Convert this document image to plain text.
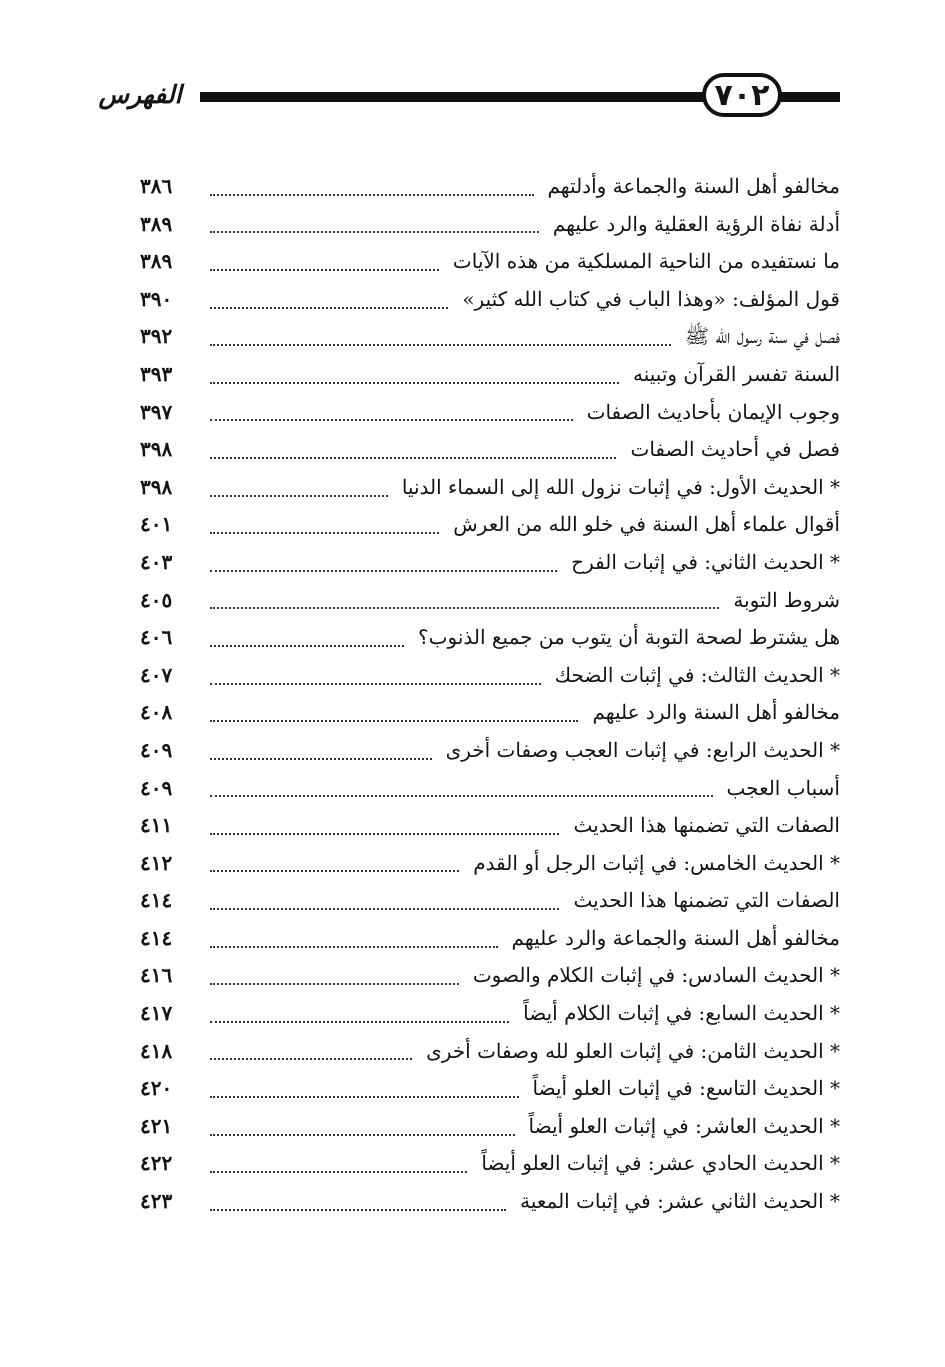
٧٠٢
الفهرس
مخالفو أهل السنة والجماعة وأدلتهم
٣٨٦
أدلة نفاة الرؤية العقلية والرد عليهم
٣٨٩
ما نستفيده من الناحية المسلكية من هذه الآيات
٣٨٩
قول المؤلف: «وهذا الباب في كتاب الله كثير»
٣٩٠
فصل في سنة رسول الله ﷺ
٣٩٢
السنة تفسر القرآن وتبينه
٣٩٣
وجوب الإيمان بأحاديث الصفات
٣٩٧
فصل في أحاديث الصفات
٣٩٨
* الحديث الأول: في إثبات نزول الله إلى السماء الدنيا
٣٩٨
أقوال علماء أهل السنة في خلو الله من العرش
٤٠١
* الحديث الثاني: في إثبات الفرح
٤٠٣
شروط التوبة
٤٠٥
هل يشترط لصحة التوبة أن يتوب من جميع الذنوب؟
٤٠٦
* الحديث الثالث: في إثبات الضحك
٤٠٧
مخالفو أهل السنة والرد عليهم
٤٠٨
* الحديث الرابع: في إثبات العجب وصفات أخرى
٤٠٩
أسباب العجب
٤٠٩
الصفات التي تضمنها هذا الحديث
٤١١
* الحديث الخامس: في إثبات الرجل أو القدم
٤١٢
الصفات التي تضمنها هذا الحديث
٤١٤
مخالفو أهل السنة والجماعة والرد عليهم
٤١٤
* الحديث السادس: في إثبات الكلام والصوت
٤١٦
* الحديث السابع: في إثبات الكلام أيضاً
٤١٧
* الحديث الثامن: في إثبات العلو لله وصفات أخرى
٤١٨
* الحديث التاسع: في إثبات العلو أيضاً
٤٢٠
* الحديث العاشر: في إثبات العلو أيضاً
٤٢١
* الحديث الحادي عشر: في إثبات العلو أيضاً
٤٢٢
* الحديث الثاني عشر: في إثبات المعية
٤٢٣
